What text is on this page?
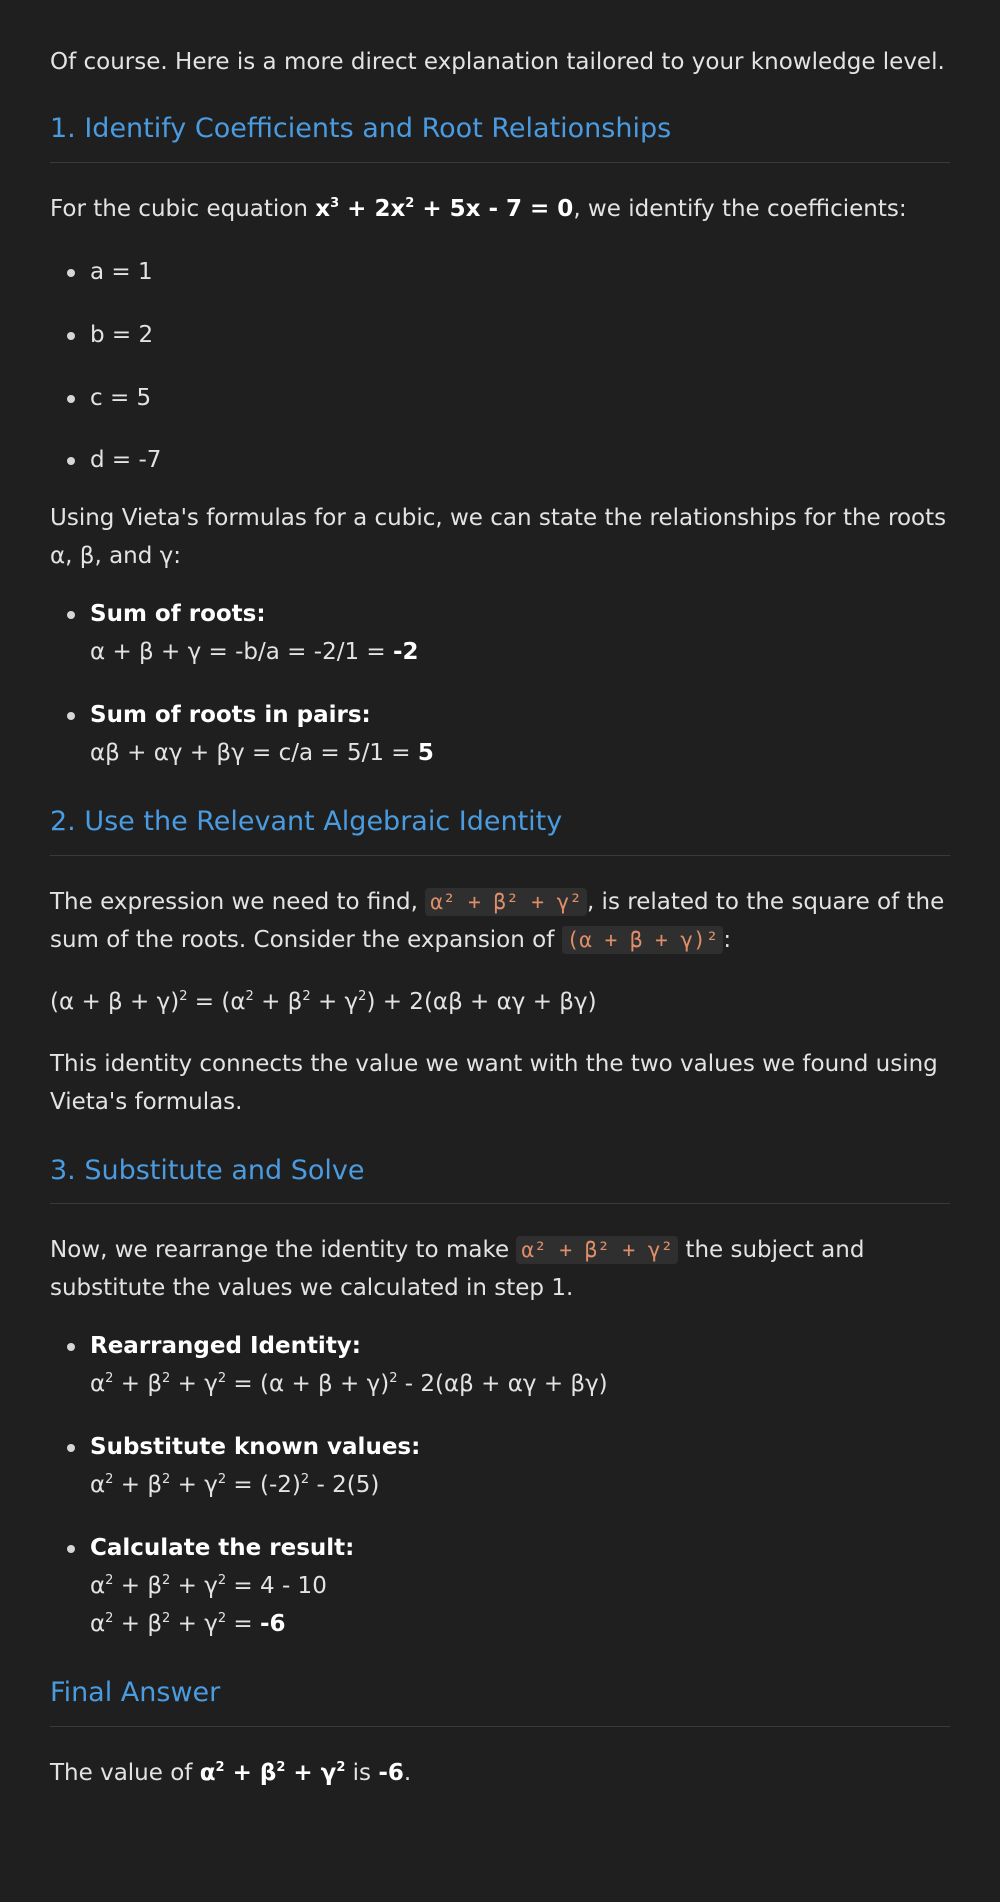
Of course. Here is a more direct explanation tailored to your knowledge level.

1. Identify Coefficients and Root Relationships

For the cubic equation $x^3 + 2x^2 + 5x - 7 = 0$, we identify the coefficients:

a = 1
b = 2
c = 5
d = -7

Using Vieta's formulas for a cubic, we can state the relationships for the roots α, β, and γ:

Sum of roots:
α + β + γ = -b/a = -2/1 = -2
Sum of roots in pairs:
αβ + αγ + βγ = c/a = 5/1 = 5
2. Use the Relevant Algebraic Identity

The expression we need to find, α² + β² + γ² , is related to the square of the sum of the roots. Consider the expansion of (α + β + γ)² :

$(\alpha + \beta + \gamma)^2 = (\alpha^2 + \beta^2 + \gamma^2) + 2(\alpha\beta + \alpha\gamma + \beta\gamma)$

This identity connects the value we want with the two values we found using Vieta's formulas.

3. Substitute and Solve

Now, we rearrange the identity to make α² + β² + γ² the subject and substitute the values we calculated in step 1.

Rearranged Identity:
$\alpha^2 + \beta^2 + \gamma^2 = (\alpha + \beta + \gamma)^2 - 2(\alpha\beta + \alpha\gamma + \beta\gamma)$
Substitute known values:
$\alpha^2 + \beta^2 + \gamma^2 = (-2)^2 - 2(5)$
Calculate the result:
$\alpha^2 + \beta^2 + \gamma^2 = 4 - 10$
$\alpha^2 + \beta^2 + \gamma^2 = -6$
Final Answer

The value of $\alpha^2 + \beta^2 + \gamma^2$ is -6.
